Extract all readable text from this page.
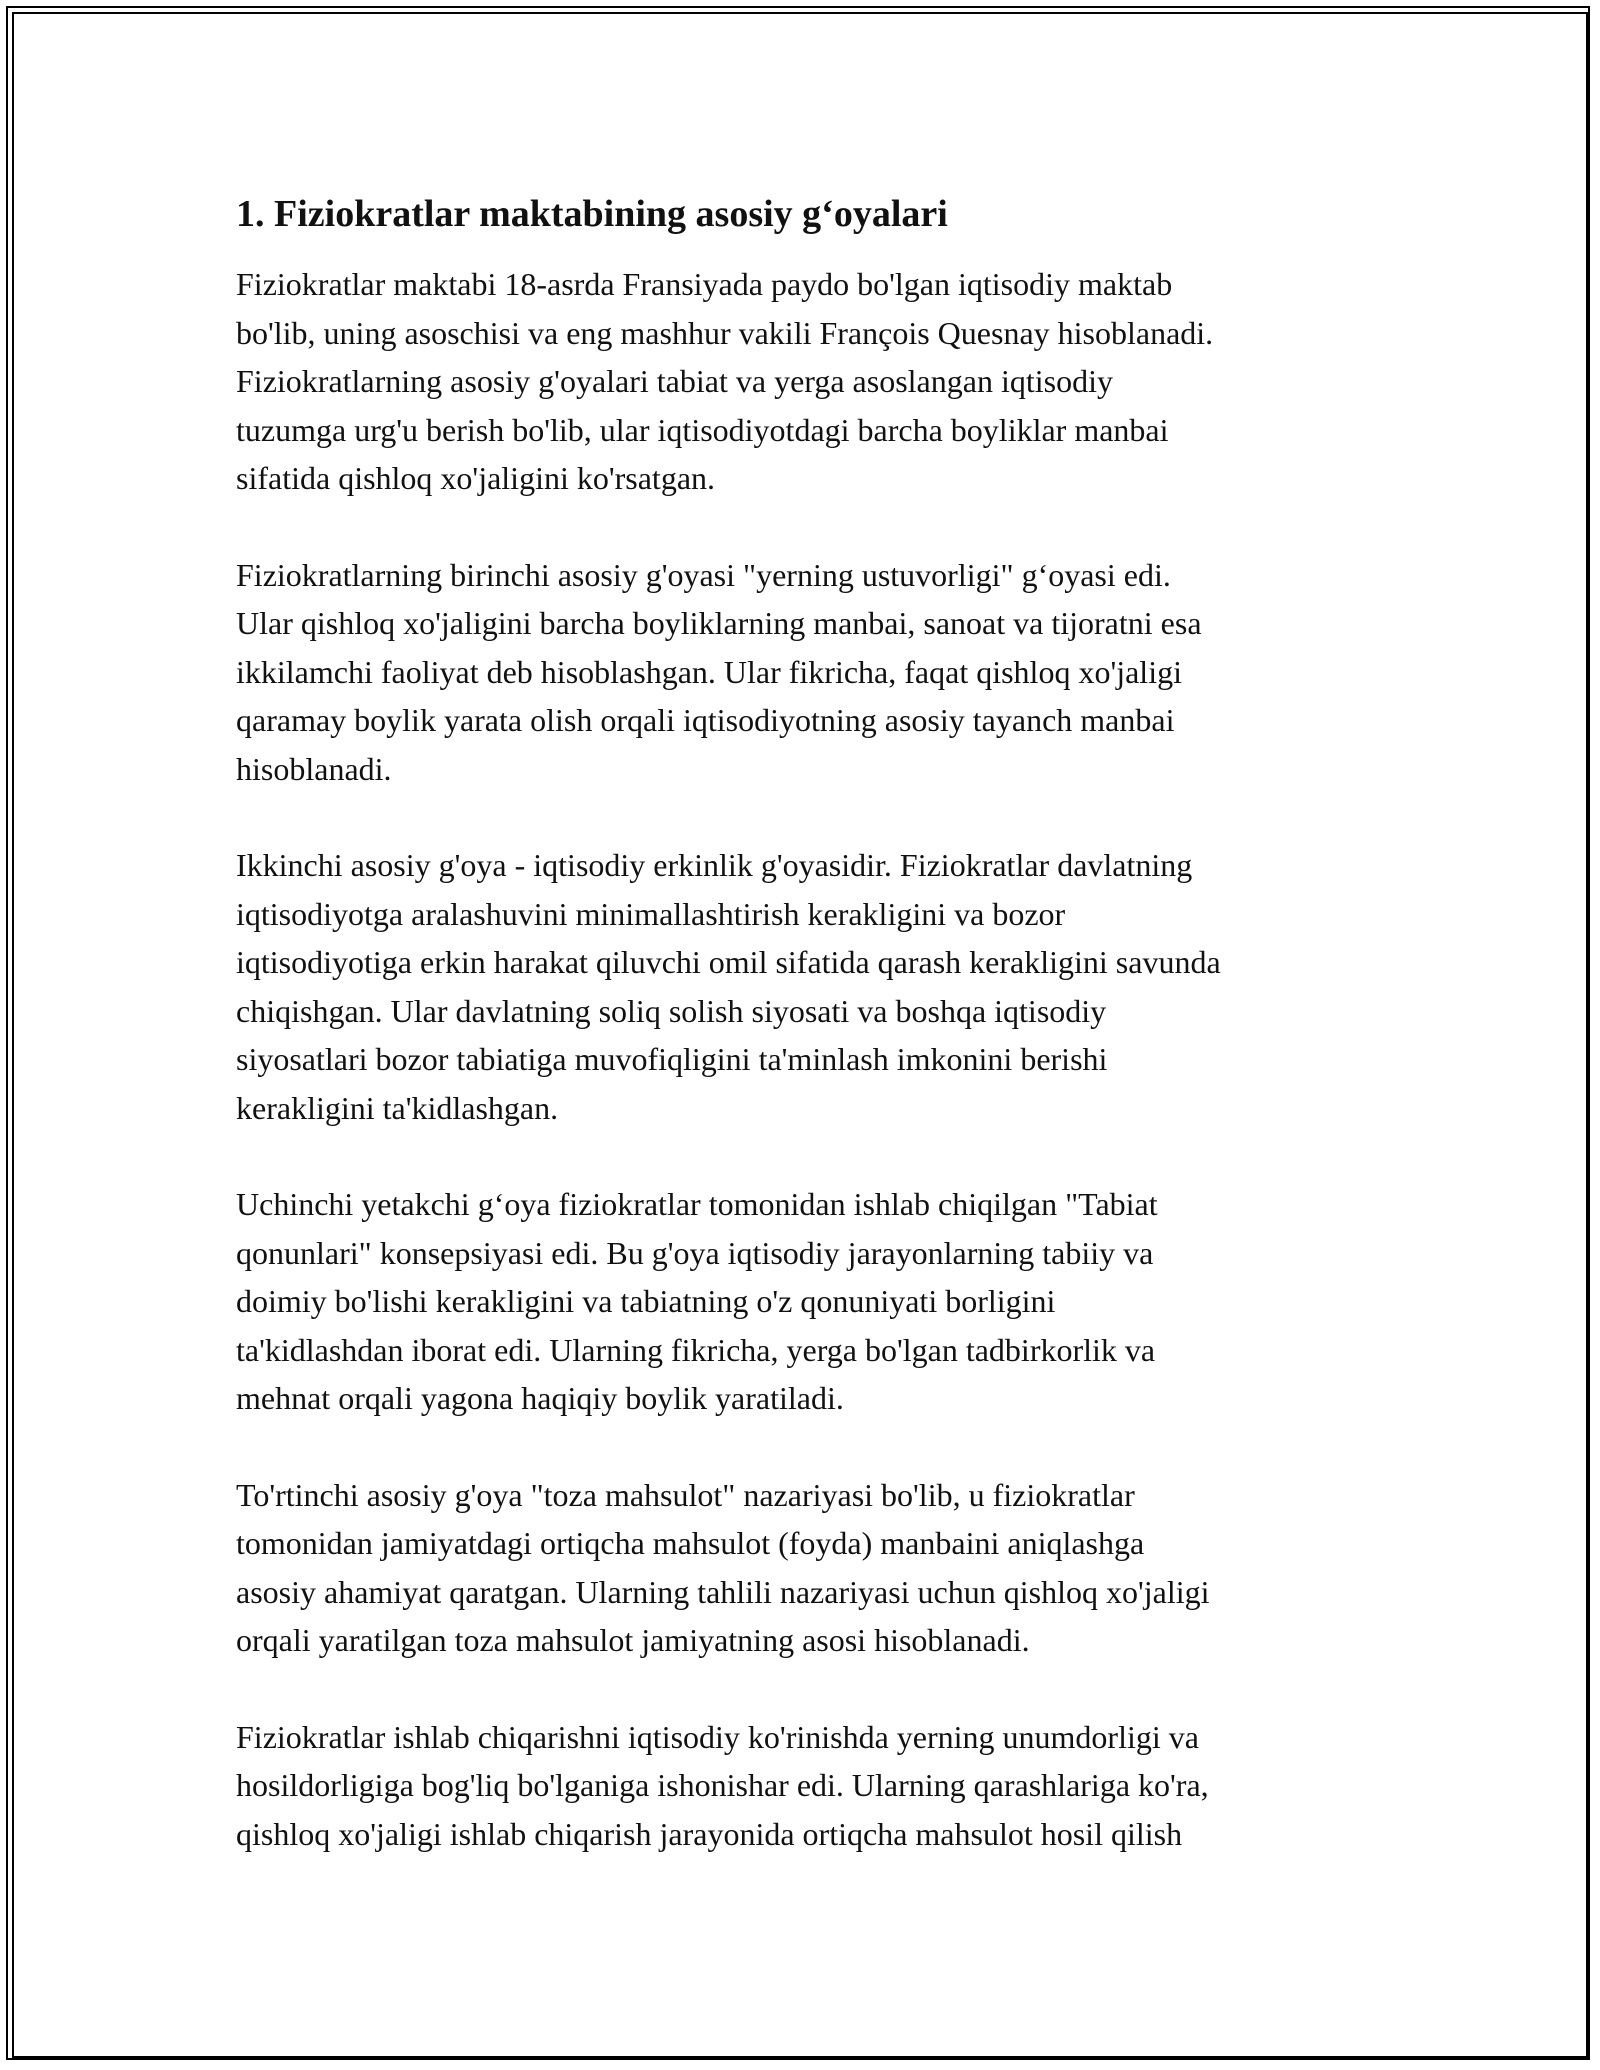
1. Fiziokratlar maktabining asosiy g‘oyalari

Fiziokratlar maktabi 18-asrda Fransiyada paydo bo'lgan iqtisodiy maktab
bo'lib, uning asoschisi va eng mashhur vakili François Quesnay hisoblanadi.
Fiziokratlarning asosiy g'oyalari tabiat va yerga asoslangan iqtisodiy
tuzumga urg'u berish bo'lib, ular iqtisodiyotdagi barcha boyliklar manbai
sifatida qishloq xo'jaligini ko'rsatgan.

Fiziokratlarning birinchi asosiy g'oyasi "yerning ustuvorligi" g‘oyasi edi.
Ular qishloq xo'jaligini barcha boyliklarning manbai, sanoat va tijoratni esa
ikkilamchi faoliyat deb hisoblashgan. Ular fikricha, faqat qishloq xo'jaligi
qaramay boylik yarata olish orqali iqtisodiyotning asosiy tayanch manbai
hisoblanadi.

Ikkinchi asosiy g'oya - iqtisodiy erkinlik g'oyasidir. Fiziokratlar davlatning
iqtisodiyotga aralashuvini minimallashtirish kerakligini va bozor
iqtisodiyotiga erkin harakat qiluvchi omil sifatida qarash kerakligini savunda
chiqishgan. Ular davlatning soliq solish siyosati va boshqa iqtisodiy
siyosatlari bozor tabiatiga muvofiqligini ta'minlash imkonini berishi
kerakligini ta'kidlashgan.

Uchinchi yetakchi g‘oya fiziokratlar tomonidan ishlab chiqilgan "Tabiat
qonunlari" konsepsiyasi edi. Bu g'oya iqtisodiy jarayonlarning tabiiy va
doimiy bo'lishi kerakligini va tabiatning o'z qonuniyati borligini
ta'kidlashdan iborat edi. Ularning fikricha, yerga bo'lgan tadbirkorlik va
mehnat orqali yagona haqiqiy boylik yaratiladi.

To'rtinchi asosiy g'oya "toza mahsulot" nazariyasi bo'lib, u fiziokratlar
tomonidan jamiyatdagi ortiqcha mahsulot (foyda) manbaini aniqlashga
asosiy ahamiyat qaratgan. Ularning tahlili nazariyasi uchun qishloq xo'jaligi
orqali yaratilgan toza mahsulot jamiyatning asosi hisoblanadi.

Fiziokratlar ishlab chiqarishni iqtisodiy ko'rinishda yerning unumdorligi va
hosildorligiga bog'liq bo'lganiga ishonishar edi. Ularning qarashlariga ko'ra,
qishloq xo'jaligi ishlab chiqarish jarayonida ortiqcha mahsulot hosil qilish
